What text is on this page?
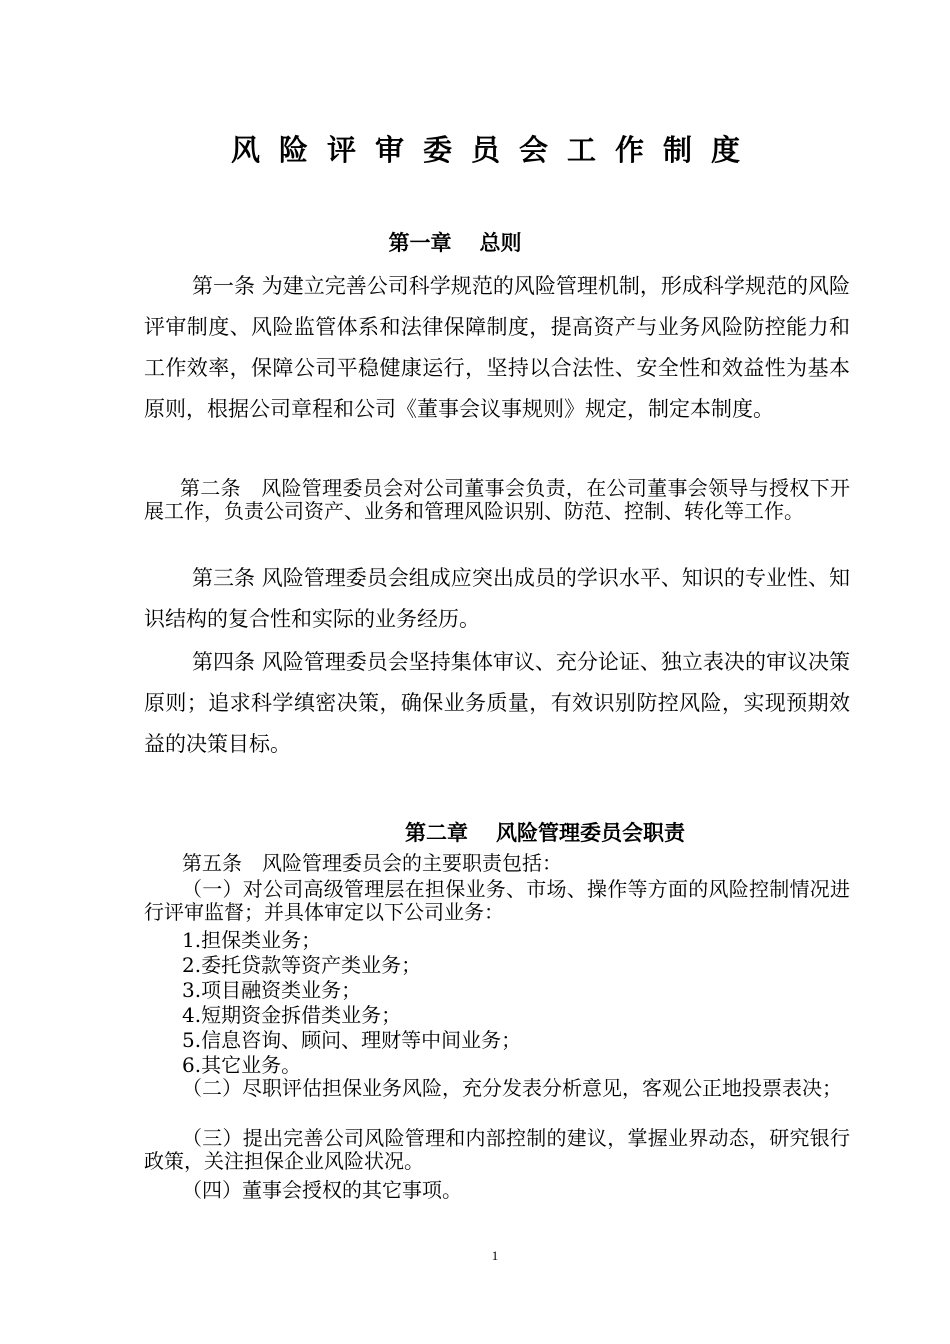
风险评审委员会工作制度
第一章 总则

第一条 为建立完善公司科学规范的风险管理机制，形成科学规范的风险评审制度、风险监管体系和法律保障制度，提高资产与业务风险防控能力和工作效率，保障公司平稳健康运行，坚持以合法性、安全性和效益性为基本原则，根据公司章程和公司《董事会议事规则》规定，制定本制度。

第二条　风险管理委员会对公司董事会负责，在公司董事会领导与授权下开展工作，负责公司资产、业务和管理风险识别、防范、控制、转化等工作。

第三条 风险管理委员会组成应突出成员的学识水平、知识的专业性、知识结构的复合性和实际的业务经历。

第四条 风险管理委员会坚持集体审议、充分论证、独立表决的审议决策原则；追求科学缜密决策，确保业务质量，有效识别防控风险，实现预期效益的决策目标。

第二章 风险管理委员会职责

第五条　风险管理委员会的主要职责包括：

（一）对公司高级管理层在担保业务、市场、操作等方面的风险控制情况进行评审监督；并具体审定以下公司业务：

1.担保类业务；
2.委托贷款等资产类业务；
3.项目融资类业务；
4.短期资金拆借类业务；
5.信息咨询、顾问、理财等中间业务；
6.其它业务。

（二）尽职评估担保业务风险，充分发表分析意见，客观公正地投票表决；

（三）提出完善公司风险管理和内部控制的建议，掌握业界动态，研究银行政策，关注担保企业风险状况。

（四）董事会授权的其它事项。

1
